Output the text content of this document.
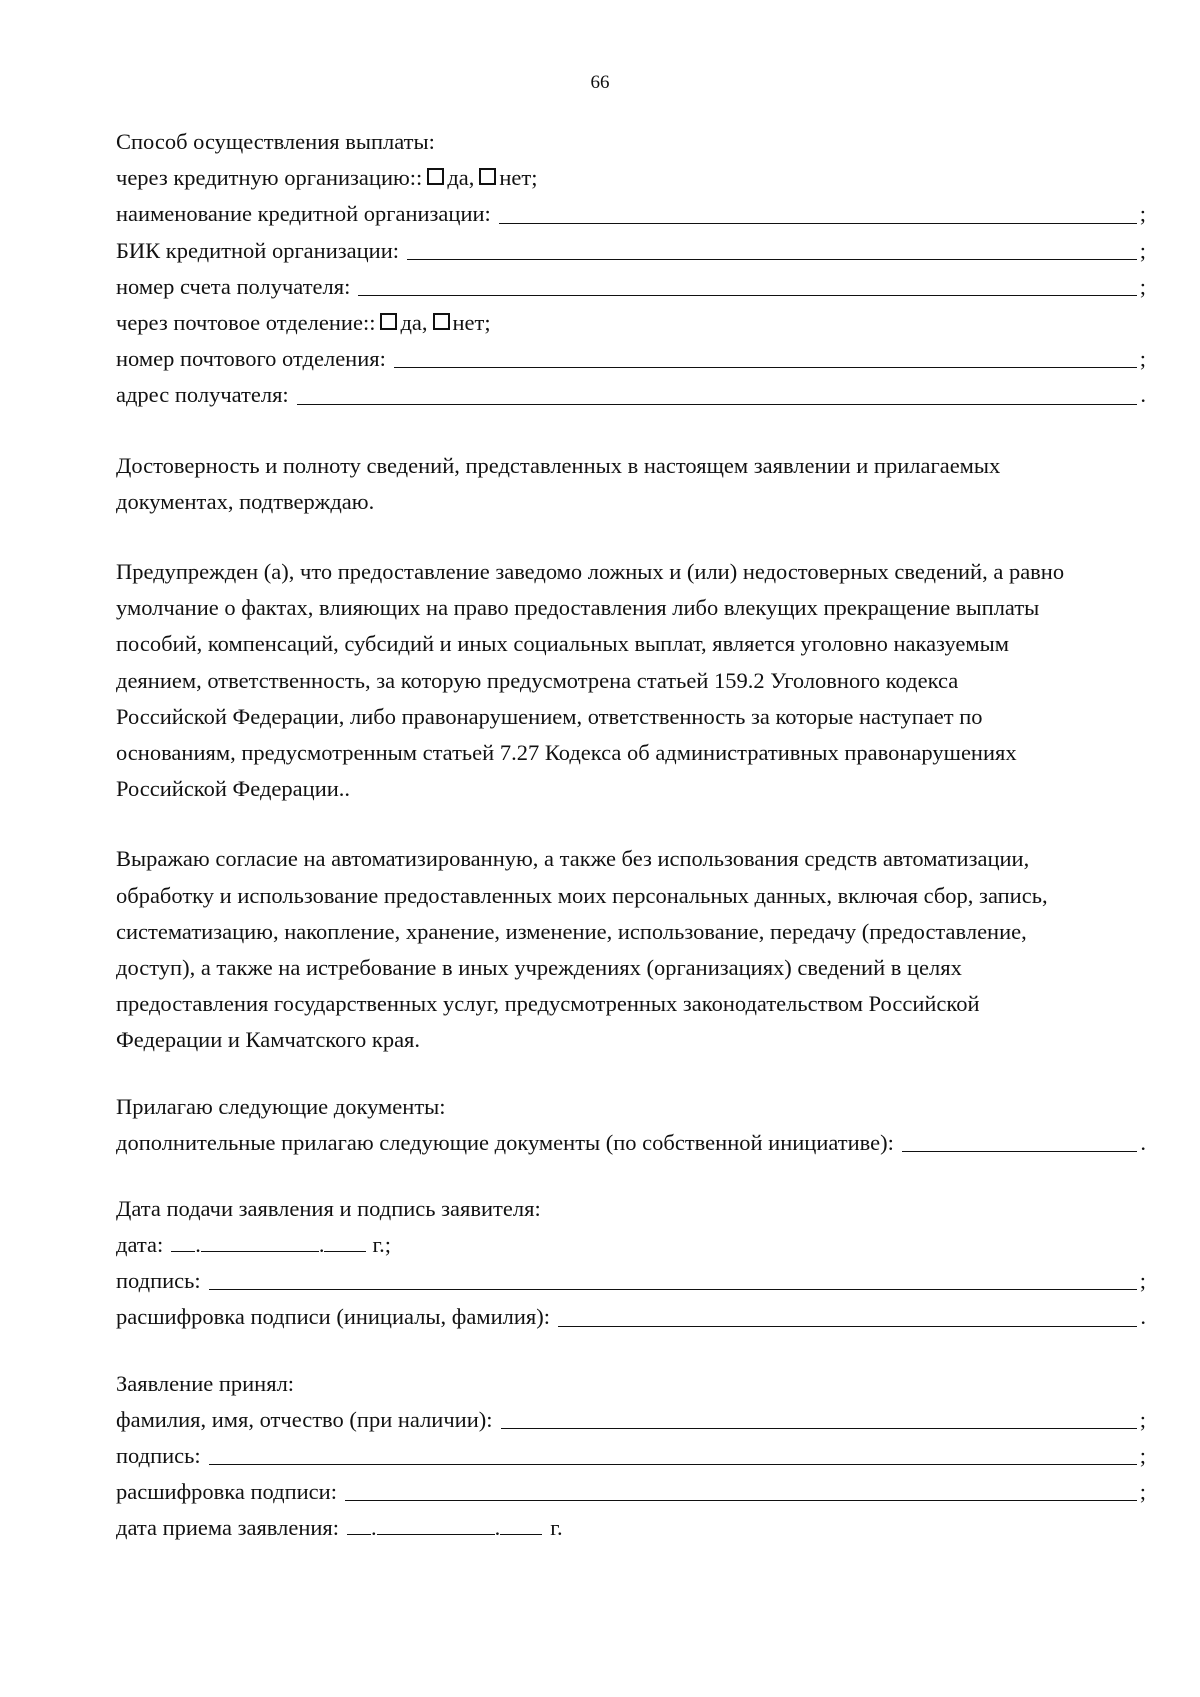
66
Способ осуществления выплаты:
через кредитную организацию:: да, нет;
наименование кредитной организации:	;
БИК кредитной организации:	;
номер счета получателя:	;
через почтовое отделение:: да, нет;
номер почтового отделения:	;
адрес получателя:	.
Достоверность и полноту сведений, представленных в настоящем заявлении и прилагаемых документах, подтверждаю.
Предупрежден (а), что предоставление заведомо ложных и (или) недостоверных сведений, а равно
умолчание о фактах, влияющих на право предоставления либо влекущих прекращение выплаты
пособий, компенсаций, субсидий и иных социальных выплат, является уголовно наказуемым
деянием, ответственность, за которую предусмотрена статьей 159.2 Уголовного кодекса
Российской Федерации, либо правонарушением, ответственность за которые наступает по
основаниям, предусмотренным статьей 7.27 Кодекса об административных правонарушениях
Российской Федерации..
Выражаю согласие на автоматизированную, а также без использования средств автоматизации,
обработку и использование предоставленных моих персональных данных, включая сбор, запись,
систематизацию, накопление, хранение, изменение, использование, передачу (предоставление,
доступ), а также на истребование в иных учреждениях (организациях) сведений в целях
предоставления государственных услуг, предусмотренных законодательством Российской
Федерации и Камчатского края.
Прилагаю следующие документы:
дополнительные прилагаю следующие документы (по собственной инициативе):	.
Дата подачи заявления и подпись заявителя:
дата: .	. г.;
подпись:	;
расшифровка подписи (инициалы, фамилия):	.
Заявление принял:
фамилия, имя, отчество (при наличии):	;
подпись:	;
расшифровка подписи:	;
дата приема заявления: .	. г.
